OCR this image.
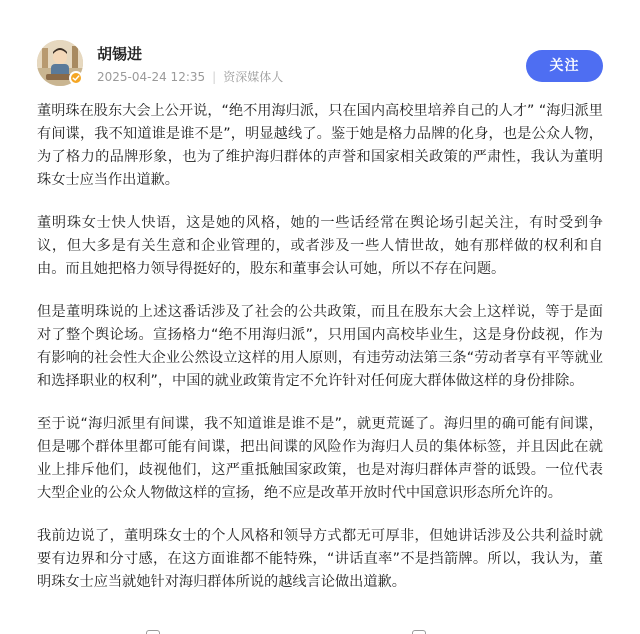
胡锡进
2025-04-24 12:35 | 资深媒体人
关注

董明珠在股东大会上公开说，“绝不用海归派，只在国内高校里培养自己的人才” “海归派里有间谍，我不知道谁是谁不是”，明显越线了。鉴于她是格力品牌的化身，也是公众人物，为了格力的品牌形象，也为了维护海归群体的声誉和国家相关政策的严肃性，我认为董明珠女士应当作出道歉。

董明珠女士快人快语，这是她的风格，她的一些话经常在舆论场引起关注，有时受到争议，但大多是有关生意和企业管理的，或者涉及一些人情世故，她有那样做的权利和自由。而且她把格力领导得挺好的，股东和董事会认可她，所以不存在问题。

但是董明珠说的上述这番话涉及了社会的公共政策，而且在股东大会上这样说，等于是面对了整个舆论场。宣扬格力“绝不用海归派”，只用国内高校毕业生，这是身份歧视，作为有影响的社会性大企业公然设立这样的用人原则，有违劳动法第三条“劳动者享有平等就业和选择职业的权利”，中国的就业政策肯定不允许针对任何庞大群体做这样的身份排除。

至于说“海归派里有间谍，我不知道谁是谁不是”，就更荒诞了。海归里的确可能有间谍，但是哪个群体里都可能有间谍，把出间谍的风险作为海归人员的集体标签，并且因此在就业上排斥他们，歧视他们，这严重抵触国家政策，也是对海归群体声誉的诋毁。一位代表大型企业的公众人物做这样的宣扬，绝不应是改革开放时代中国意识形态所允许的。

我前边说了，董明珠女士的个人风格和领导方式都无可厚非，但她讲话涉及公共利益时就要有边界和分寸感，在这方面谁都不能特殊，“讲话直率”不是挡箭牌。所以，我认为，董明珠女士应当就她针对海归群体所说的越线言论做出道歉。
